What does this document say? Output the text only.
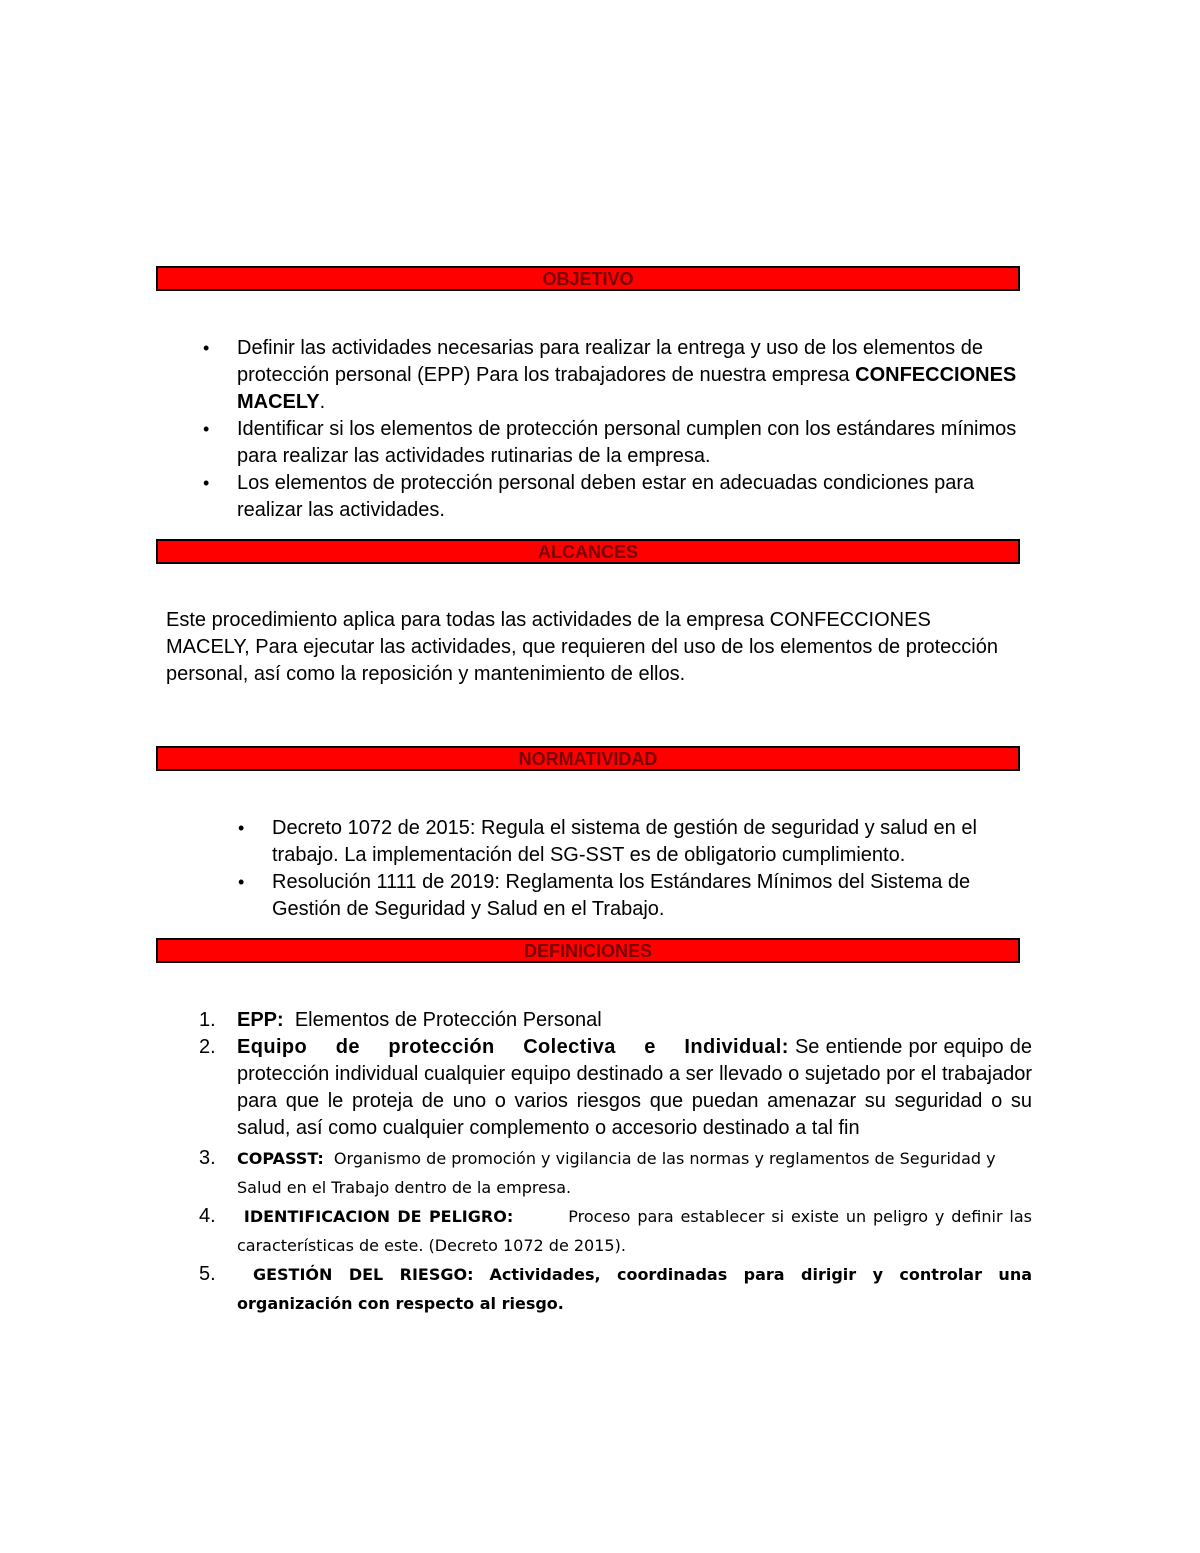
OBJETIVO
• Definir las actividades necesarias para realizar la entrega y uso de los elementos de protección personal (EPP) Para los trabajadores de nuestra empresa CONFECCIONES MACELY.
• Identificar si los elementos de protección personal cumplen con los estándares mínimos para realizar las actividades rutinarias de la empresa.
• Los elementos de protección personal deben estar en adecuadas condiciones para realizar las actividades.
ALCANCES
Este procedimiento aplica para todas las actividades de la empresa CONFECCIONES MACELY, Para ejecutar las actividades, que requieren del uso de los elementos de protección personal, así como la reposición y mantenimiento de ellos.
NORMATIVIDAD
• Decreto 1072 de 2015: Regula el sistema de gestión de seguridad y salud en el trabajo. La implementación del SG-SST es de obligatorio cumplimiento.
• Resolución 1111 de 2019: Reglamenta los Estándares Mínimos del Sistema de Gestión de Seguridad y Salud en el Trabajo.
DEFINICIONES
1. EPP: Elementos de Protección Personal
2. Equipo de protección Colectiva e Individual: Se entiende por equipo de protección individual cualquier equipo destinado a ser llevado o sujetado por el trabajador para que le proteja de uno o varios riesgos que puedan amenazar su seguridad o su salud, así como cualquier complemento o accesorio destinado a tal fin
3. COPASST: Organismo de promoción y vigilancia de las normas y reglamentos de Seguridad y Salud en el Trabajo dentro de la empresa.
4. IDENTIFICACION DE PELIGRO:	Proceso para establecer si existe un peligro y definir las características de este. (Decreto 1072 de 2015).
5. GESTIÓN DEL RIESGO: Actividades, coordinadas para dirigir y controlar una organización con respecto al riesgo.
